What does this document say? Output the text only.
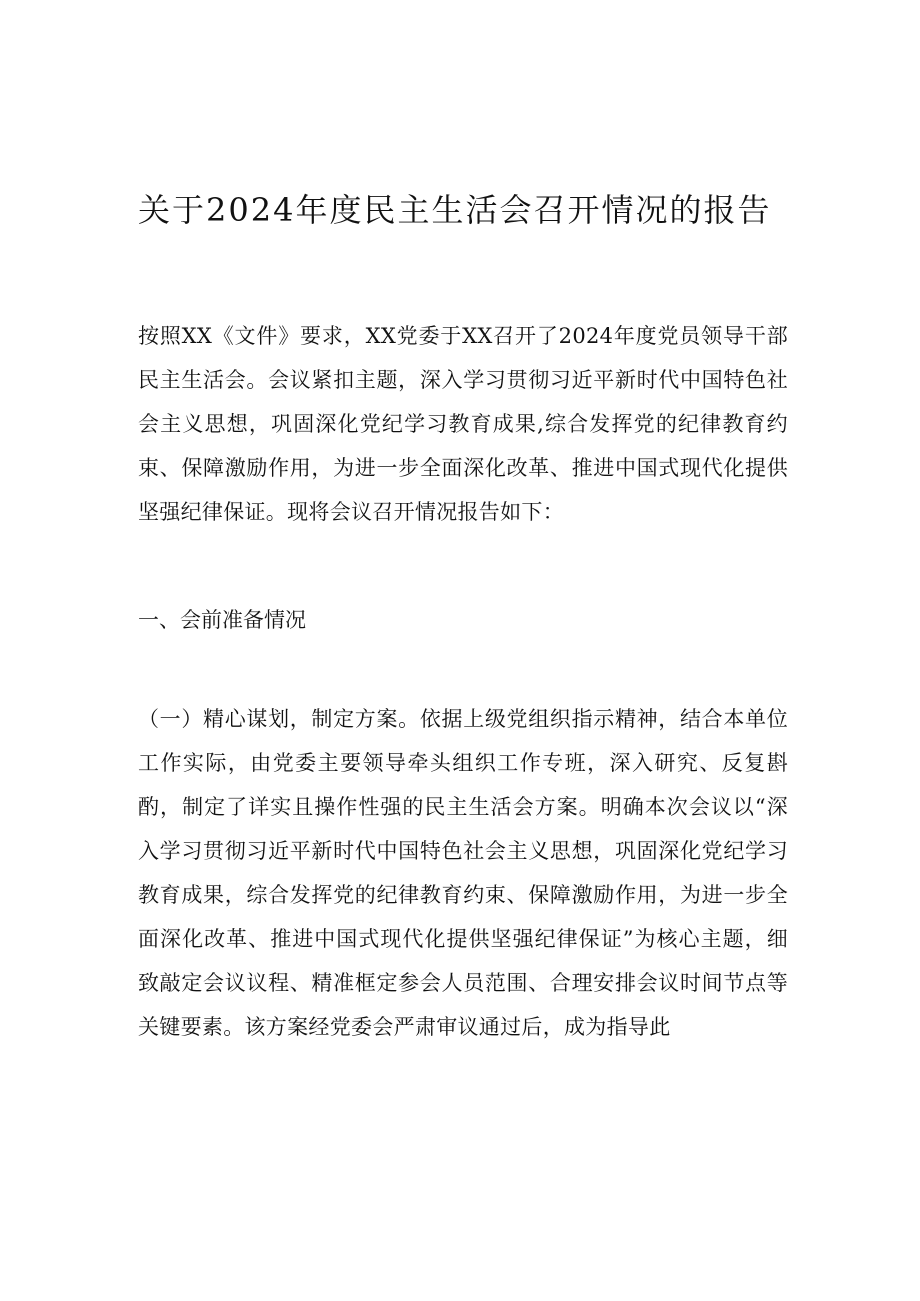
关于2024年度民主生活会召开情况的报告
按照XX《文件》要求，XX党委于XX召开了2024年度党员领导干部民主生活会。会议紧扣主题，深入学习贯彻习近平新时代中国特色社会主义思想，巩固深化党纪学习教育成果,综合发挥党的纪律教育约束、保障激励作用，为进一步全面深化改革、推进中国式现代化提供坚强纪律保证。现将会议召开情况报告如下：
一、会前准备情况
（一）精心谋划，制定方案。依据上级党组织指示精神，结合本单位工作实际，由党委主要领导牵头组织工作专班，深入研究、反复斟酌，制定了详实且操作性强的民主生活会方案。明确本次会议以“深入学习贯彻习近平新时代中国特色社会主义思想，巩固深化党纪学习教育成果，综合发挥党的纪律教育约束、保障激励作用，为进一步全面深化改革、推进中国式现代化提供坚强纪律保证”为核心主题，细致敲定会议议程、精准框定参会人员范围、合理安排会议时间节点等关键要素。该方案经党委会严肃审议通过后，成为指导此
